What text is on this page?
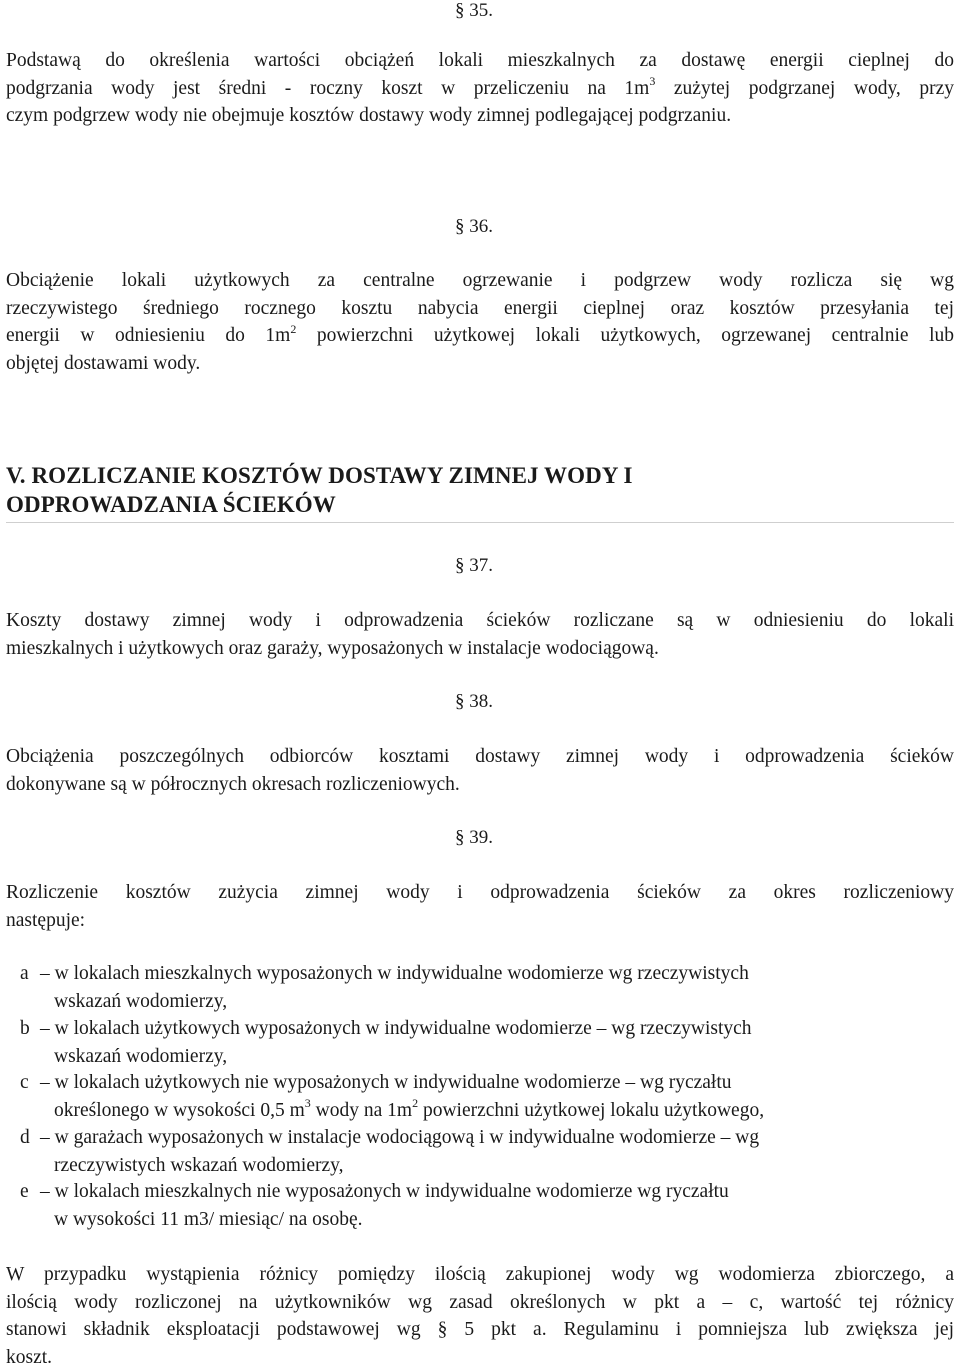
§ 35.
Podstawą do określenia wartości obciążeń lokali mieszkalnych za dostawę energii cieplnej do
podgrzania wody jest średni - roczny koszt w przeliczeniu na $1m^3$ zużytej podgrzanej wody, przy
czym podgrzew wody nie obejmuje kosztów dostawy wody zimnej podlegającej podgrzaniu.
§ 36.
Obciążenie lokali użytkowych za centralne ogrzewanie i podgrzew wody rozlicza się wg
rzeczywistego średniego rocznego kosztu nabycia energii cieplnej oraz kosztów przesyłania tej
energii w odniesieniu do $1m^2$ powierzchni użytkowej lokali użytkowych, ogrzewanej centralnie lub
objętej dostawami wody.
V. ROZLICZANIE KOSZTÓW DOSTAWY ZIMNEJ WODY I
ODPROWADZANIA ŚCIEKÓW
§ 37.
Koszty dostawy zimnej wody i odprowadzenia ścieków rozliczane są w odniesieniu do lokali
mieszkalnych i użytkowych oraz garaży, wyposażonych w instalacje wodociągową.
§ 38.
Obciążenia poszczególnych odbiorców kosztami dostawy zimnej wody i odprowadzenia ścieków
dokonywane są w półrocznych okresach rozliczeniowych.
§ 39.
Rozliczenie kosztów zużycia zimnej wody i odprowadzenia ścieków za okres rozliczeniowy
następuje:
a – w lokalach mieszkalnych wyposażonych w indywidualne wodomierze wg rzeczywistych
wskazań wodomierzy,
b – w lokalach użytkowych wyposażonych w indywidualne wodomierze – wg rzeczywistych
wskazań wodomierzy,
c – w lokalach użytkowych nie wyposażonych w indywidualne wodomierze – wg ryczałtu
określonego w wysokości 0,5 $m^3$ wody na $1m^2$ powierzchni użytkowej lokalu użytkowego,
d – w garażach wyposażonych w instalacje wodociągową i w indywidualne wodomierze – wg
rzeczywistych wskazań wodomierzy,
e – w lokalach mieszkalnych nie wyposażonych w indywidualne wodomierze wg ryczałtu
w wysokości 11 m3/ miesiąc/ na osobę.
W przypadku wystąpienia różnicy pomiędzy ilością zakupionej wody wg wodomierza zbiorczego, a
ilością wody rozliczonej na użytkowników wg zasad określonych w pkt a – c, wartość tej różnicy
stanowi składnik eksploatacji podstawowej wg § 5 pkt a. Regulaminu i pomniejsza lub zwiększa jej
koszt.
